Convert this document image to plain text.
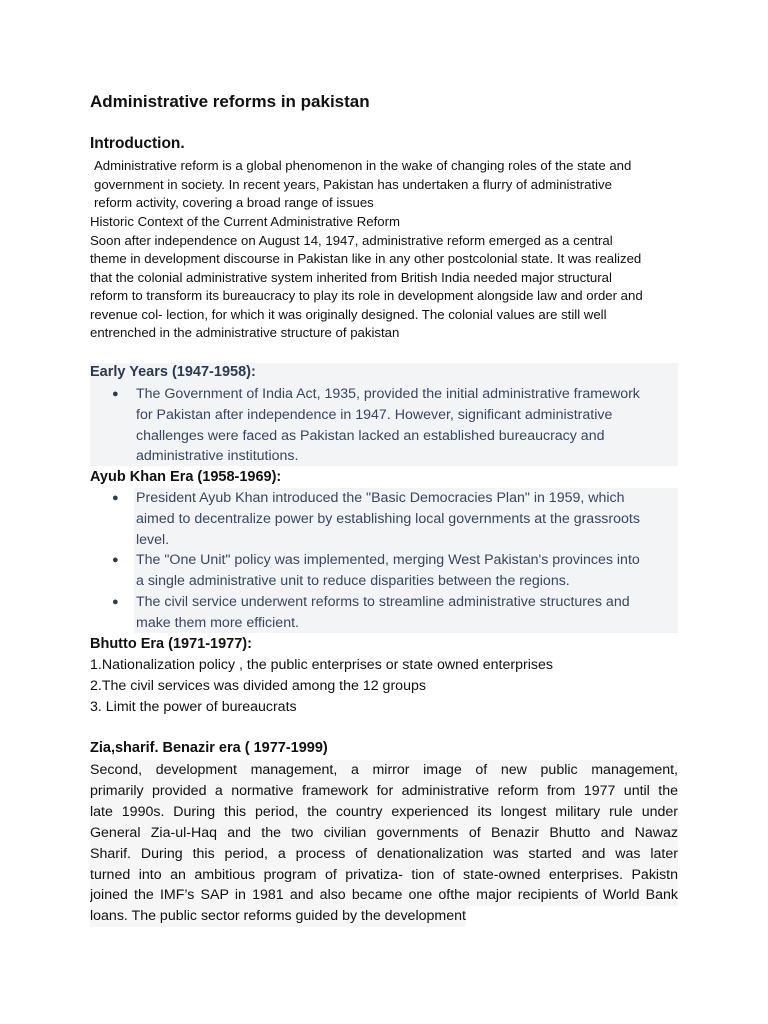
Administrative reforms in pakistan
Introduction.

Administrative reform is a global phenomenon in the wake of changing roles of the state and
government in society. In recent years, Pakistan has undertaken a flurry of administrative
reform activity, covering a broad range of issues

Historic Context of the Current Administrative Reform
Soon after independence on August 14, 1947, administrative reform emerged as a central
theme in development discourse in Pakistan like in any other postcolonial state. It was realized
that the colonial administrative system inherited from British India needed major structural
reform to transform its bureaucracy to play its role in development alongside law and order and
revenue col- lection, for which it was originally designed. The colonial values are still well
entrenched in the administrative structure of pakistan
Early Years (1947-1958):
● The Government of India Act, 1935, provided the initial administrative framework
for Pakistan after independence in 1947. However, significant administrative
challenges were faced as Pakistan lacked an established bureaucracy and
administrative institutions.
Ayub Khan Era (1958-1969):
● President Ayub Khan introduced the "Basic Democracies Plan" in 1959, which
aimed to decentralize power by establishing local governments at the grassroots
level.
● The "One Unit" policy was implemented, merging West Pakistan's provinces into
a single administrative unit to reduce disparities between the regions.
● The civil service underwent reforms to streamline administrative structures and
make them more efficient.
Bhutto Era (1971-1977):
1.Nationalization policy , the public enterprises or state owned enterprises
2.The civil services was divided among the 12 groups
3. Limit the power of bureaucrats
Zia,sharif. Benazir era ( 1977-1999)

Second, development management, a mirror image of new public management,
primarily provided a normative framework for administrative reform from 1977 until the
late 1990s. During this period, the country experienced its longest military rule under
General Zia-ul-Haq and the two civilian governments of Benazir Bhutto and Nawaz
Sharif. During this period, a process of denationalization was started and was later
turned into an ambitious program of privatiza- tion of state-owned enterprises. Pakistn
joined the IMF’s SAP in 1981 and also became one ofthe major recipients of World Bank
loans. The public sector reforms guided by the development
